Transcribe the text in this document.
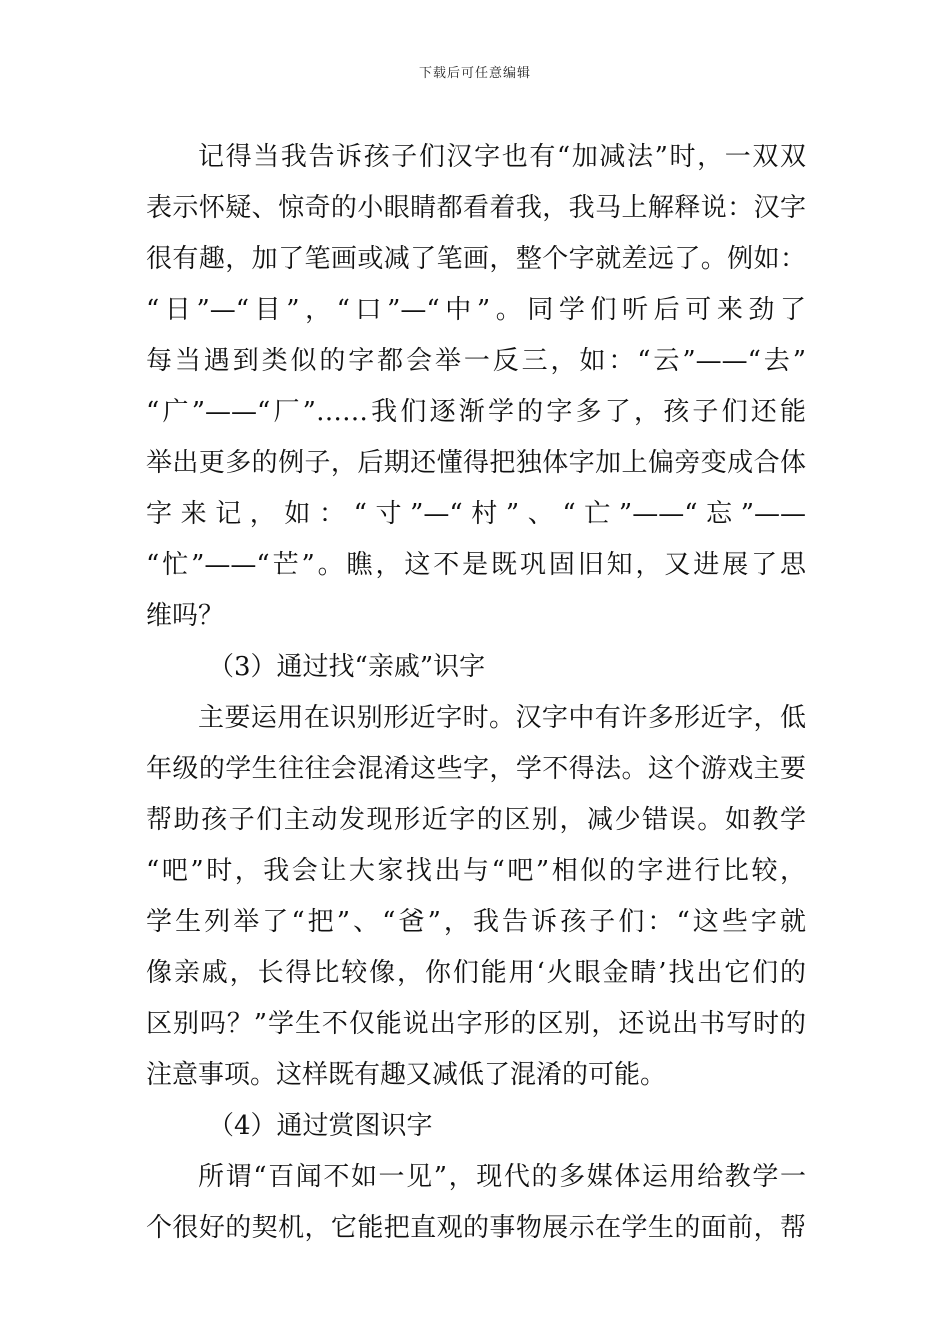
下载后可任意编辑
记得当我告诉孩子们汉字也有“加减法”时，一双双
表示怀疑、惊奇的小眼睛都看着我，我马上解释说：汉字
很有趣，加了笔画或减了笔画，整个字就差远了。例如：
“日”—“目”，“口”—“中”。同学们听后可来劲了
每当遇到类似的字都会举一反三，如：“云”——“去”
“广”——“厂”……我们逐渐学的字多了，孩子们还能
举出更多的例子，后期还懂得把独体字加上偏旁变成合体
字来记，如：“寸”—“村”、“亡”——“忘”——
“忙”——“芒”。瞧，这不是既巩固旧知，又进展了思
维吗？
（3）通过找“亲戚”识字
主要运用在识别形近字时。汉字中有许多形近字，低
年级的学生往往会混淆这些字，学不得法。这个游戏主要
帮助孩子们主动发现形近字的区别，减少错误。如教学
“吧”时，我会让大家找出与“吧”相似的字进行比较，
学生列举了“把”、“爸”，我告诉孩子们：“这些字就
像亲戚，长得比较像，你们能用‘火眼金睛’找出它们的
区别吗？”学生不仅能说出字形的区别，还说出书写时的
注意事项。这样既有趣又减低了混淆的可能。
（4）通过赏图识字
所谓“百闻不如一见”，现代的多媒体运用给教学一
个很好的契机，它能把直观的事物展示在学生的面前，帮
